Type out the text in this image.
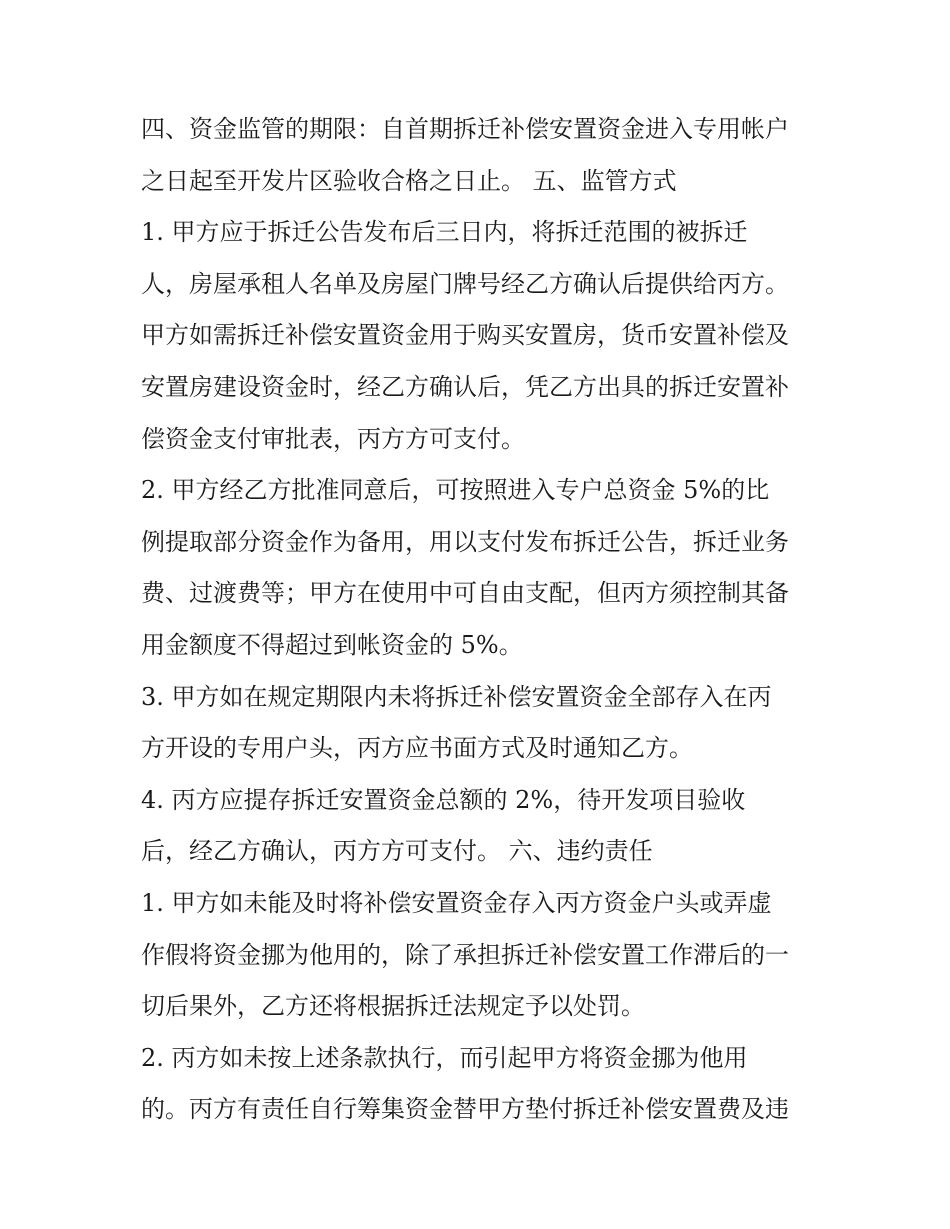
四、资金监管的期限：自首期拆迁补偿安置资金进入专用帐户
之日起至开发片区验收合格之日止。 五、监管方式
1. 甲方应于拆迁公告发布后三日内，将拆迁范围的被拆迁
人，房屋承租人名单及房屋门牌号经乙方确认后提供给丙方。
甲方如需拆迁补偿安置资金用于购买安置房，货币安置补偿及
安置房建设资金时，经乙方确认后，凭乙方出具的拆迁安置补
偿资金支付审批表，丙方方可支付。
2. 甲方经乙方批准同意后，可按照进入专户总资金 5%的比
例提取部分资金作为备用，用以支付发布拆迁公告，拆迁业务
费、过渡费等；甲方在使用中可自由支配，但丙方须控制其备
用金额度不得超过到帐资金的 5%。
3. 甲方如在规定期限内未将拆迁补偿安置资金全部存入在丙
方开设的专用户头，丙方应书面方式及时通知乙方。
4. 丙方应提存拆迁安置资金总额的 2%，待开发项目验收
后，经乙方确认，丙方方可支付。 六、违约责任
1. 甲方如未能及时将补偿安置资金存入丙方资金户头或弄虚
作假将资金挪为他用的，除了承担拆迁补偿安置工作滞后的一
切后果外，乙方还将根据拆迁法规定予以处罚。
2. 丙方如未按上述条款执行，而引起甲方将资金挪为他用
的。丙方有责任自行筹集资金替甲方垫付拆迁补偿安置费及违
